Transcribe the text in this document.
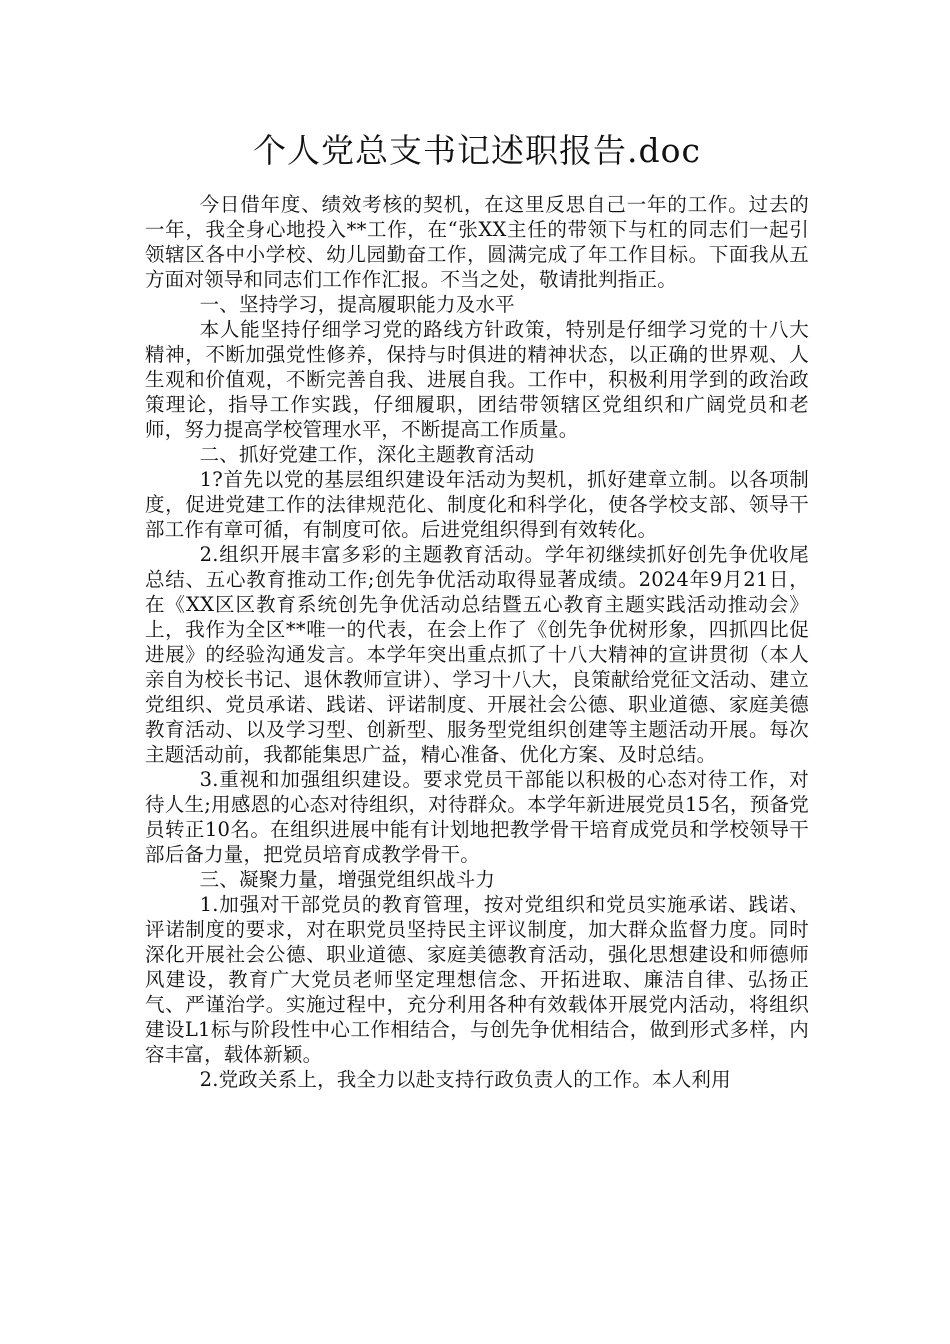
个人党总支书记述职报告.doc

今日借年度、绩效考核的契机，在这里反思自己一年的工作。过去的一年，我全身心地投入**工作，在“张XX主任的带领下与杠的同志们一起引领辖区各中小学校、幼儿园勤奋工作，圆满完成了年工作目标。下面我从五方面对领导和同志们工作作汇报。不当之处，敬请批判指正。

一、坚持学习，提高履职能力及水平

本人能坚持仔细学习党的路线方针政策，特别是仔细学习党的十八大精神，不断加强党性修养，保持与时俱进的精神状态，以正确的世界观、人生观和价值观，不断完善自我、进展自我。工作中，积极利用学到的政治政策理论，指导工作实践，仔细履职，团结带领辖区党组织和广阔党员和老师，努力提高学校管理水平，不断提高工作质量。

二、抓好党建工作，深化主题教育活动

1?首先以党的基层组织建设年活动为契机，抓好建章立制。以各项制度，促进党建工作的法律规范化、制度化和科学化，使各学校支部、领导干部工作有章可循，有制度可依。后进党组织得到有效转化。

2.组织开展丰富多彩的主题教育活动。学年初继续抓好创先争优收尾总结、五心教育推动工作;创先争优活动取得显著成绩。2024年9月21日，在《XX区区教育系统创先争优活动总结暨五心教育主题实践活动推动会》上，我作为全区**唯一的代表，在会上作了《创先争优树形象，四抓四比促进展》的经验沟通发言。本学年突出重点抓了十八大精神的宣讲贯彻（本人亲自为校长书记、退休教师宣讲）、学习十八大，良策献给党征文活动、建立党组织、党员承诺、践诺、评诺制度、开展社会公德、职业道德、家庭美德教育活动、以及学习型、创新型、服务型党组织创建等主题活动开展。每次主题活动前，我都能集思广益，精心准备、优化方案、及时总结。

3.重视和加强组织建设。要求党员干部能以积极的心态对待工作，对待人生;用感恩的心态对待组织，对待群众。本学年新进展党员15名，预备党员转正10名。在组织进展中能有计划地把教学骨干培育成党员和学校领导干部后备力量，把党员培育成教学骨干。

三、凝聚力量，增强党组织战斗力

1.加强对干部党员的教育管理，按对党组织和党员实施承诺、践诺、评诺制度的要求，对在职党员坚持民主评议制度，加大群众监督力度。同时深化开展社会公德、职业道德、家庭美德教育活动，强化思想建设和师德师风建设，教育广大党员老师坚定理想信念、开拓进取、廉洁自律、弘扬正气、严谨治学。实施过程中，充分利用各种有效载体开展党内活动，将组织建设L1标与阶段性中心工作相结合，与创先争优相结合，做到形式多样，内容丰富，载体新颖。

2.党政关系上，我全力以赴支持行政负责人的工作。本人利用
